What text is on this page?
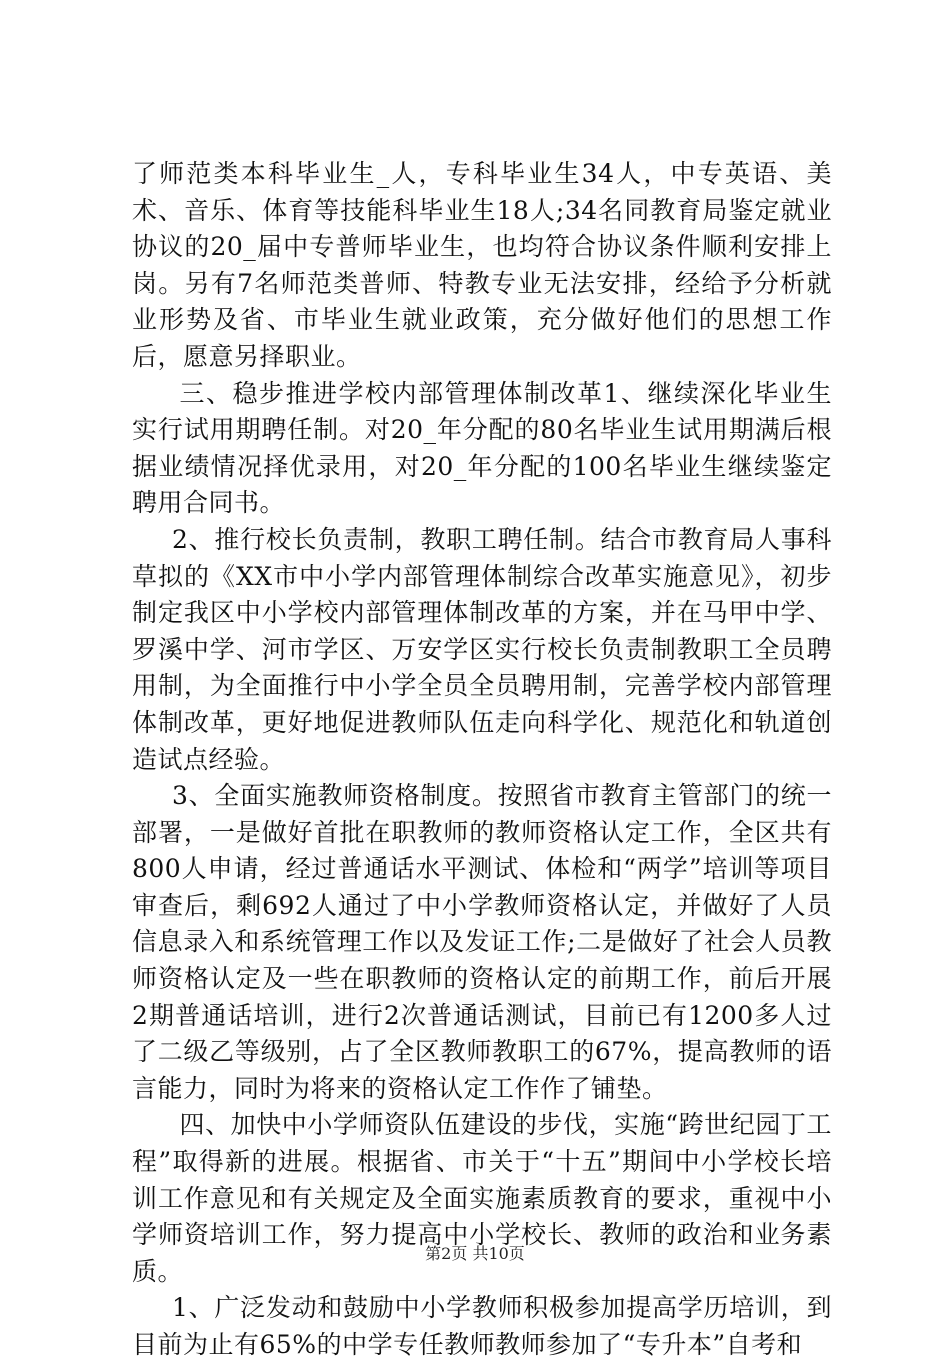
了师范类本科毕业生_人，专科毕业生34人，中专英语、美术、音乐、体育等技能科毕业生18人;34名同教育局鉴定就业协议的20_届中专普师毕业生，也均符合协议条件顺利安排上岗。另有7名师范类普师、特教专业无法安排，经给予分析就业形势及省、市毕业生就业政策，充分做好他们的思想工作后，愿意另择职业。

三、稳步推进学校内部管理体制改革1、继续深化毕业生实行试用期聘任制。对20_年分配的80名毕业生试用期满后根据业绩情况择优录用，对20_年分配的100名毕业生继续鉴定聘用合同书。

2、推行校长负责制，教职工聘任制。结合市教育局人事科草拟的《XX市中小学内部管理体制综合改革实施意见》，初步制定我区中小学校内部管理体制改革的方案，并在马甲中学、罗溪中学、河市学区、万安学区实行校长负责制教职工全员聘用制，为全面推行中小学全员全员聘用制，完善学校内部管理体制改革，更好地促进教师队伍走向科学化、规范化和轨道创造试点经验。

3、全面实施教师资格制度。按照省市教育主管部门的统一部署，一是做好首批在职教师的教师资格认定工作，全区共有800人申请，经过普通话水平测试、体检和“两学”培训等项目审查后，剩692人通过了中小学教师资格认定，并做好了人员信息录入和系统管理工作以及发证工作;二是做好了社会人员教师资格认定及一些在职教师的资格认定的前期工作，前后开展2期普通话培训，进行2次普通话测试，目前已有1200多人过了二级乙等级别，占了全区教师教职工的67%，提高教师的语言能力，同时为将来的资格认定工作作了铺垫。

四、加快中小学师资队伍建设的步伐，实施“跨世纪园丁工程”取得新的进展。根据省、市关于“十五”期间中小学校长培训工作意见和有关规定及全面实施素质教育的要求，重视中小学师资培训工作，努力提高中小学校长、教师的政治和业务素质。

1、广泛发动和鼓励中小学教师积极参加提高学历培训，到目前为止有65%的中学专任教师教师参加了“专升本”自考和

第2页 共10页
